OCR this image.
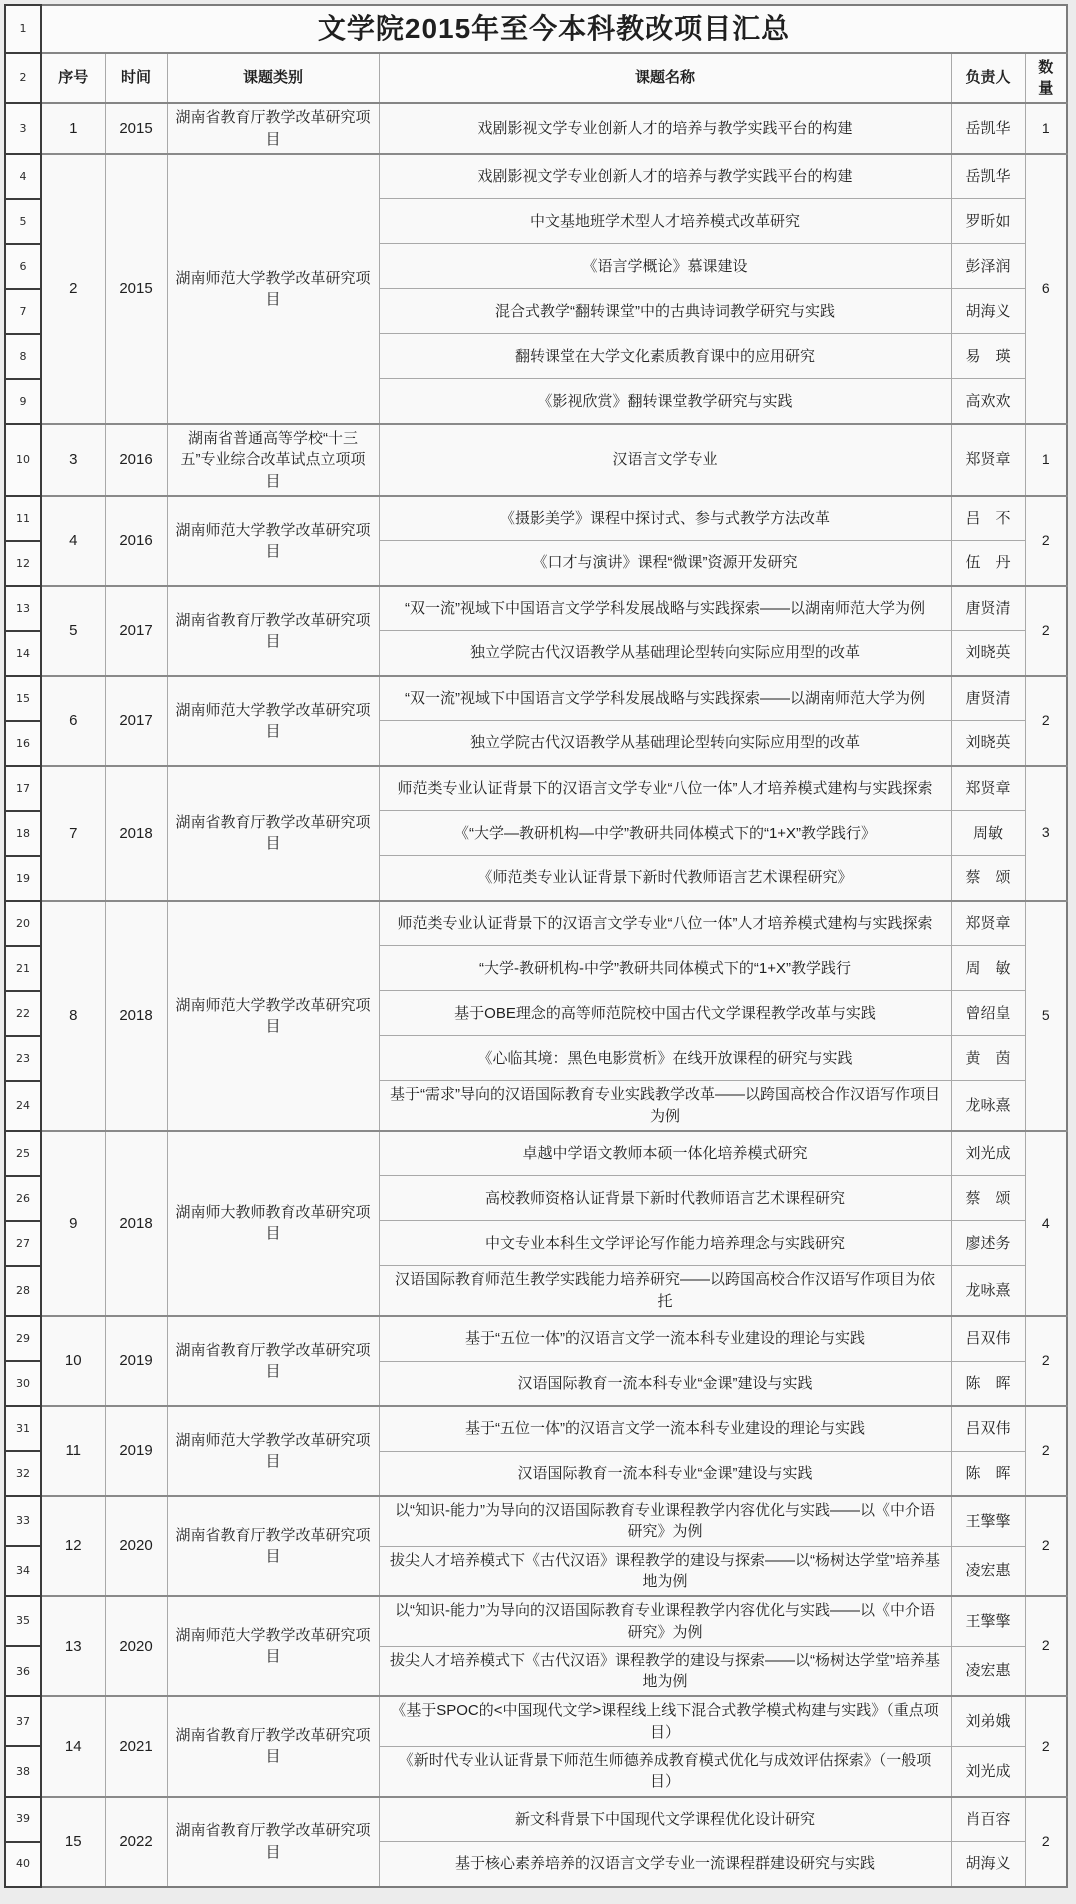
1	文学院2015年至今本科教改项目汇总					
2	序号	时间	课题类别	课题名称	负责人	数量
3	1	2015	湖南省教育厅教学改革研究项目	戏剧影视文学专业创新人才的培养与教学实践平台的构建	岳凯华	1
4	2	2015	湖南师范大学教学改革研究项目	戏剧影视文学专业创新人才的培养与教学实践平台的构建	岳凯华	6
5				中文基地班学术型人才培养模式改革研究	罗昕如	
6				《语言学概论》慕课建设	彭泽润	
7				混合式教学“翻转课堂”中的古典诗词教学研究与实践	胡海义	
8				翻转课堂在大学文化素质教育课中的应用研究	易　瑛	
9				《影视欣赏》翻转课堂教学研究与实践	高欢欢	
10	3	2016	湖南省普通高等学校“十三五”专业综合改革试点立项项目	汉语言文学专业	郑贤章	1
11	4	2016	湖南师范大学教学改革研究项目	《摄影美学》课程中探讨式、参与式教学方法改革	吕　不	2
12				《口才与演讲》课程“微课”资源开发研究	伍　丹	
13	5	2017	湖南省教育厅教学改革研究项目	“双一流”视域下中国语言文学学科发展战略与实践探索——以湖南师范大学为例	唐贤清	2
14				独立学院古代汉语教学从基础理论型转向实际应用型的改革	刘晓英	
15	6	2017	湖南师范大学教学改革研究项目	“双一流”视域下中国语言文学学科发展战略与实践探索——以湖南师范大学为例	唐贤清	2
16				独立学院古代汉语教学从基础理论型转向实际应用型的改革	刘晓英	
17	7	2018	湖南省教育厅教学改革研究项目	师范类专业认证背景下的汉语言文学专业“八位一体”人才培养模式建构与实践探索	郑贤章	3
18				《“大学—教研机构—中学”教研共同体模式下的“1+X”教学践行》	周敏	
19				《师范类专业认证背景下新时代教师语言艺术课程研究》	蔡　颂	
20	8	2018	湖南师范大学教学改革研究项目	师范类专业认证背景下的汉语言文学专业“八位一体”人才培养模式建构与实践探索	郑贤章	5
21				“大学-教研机构-中学”教研共同体模式下的“1+X”教学践行	周　敏	
22				基于OBE理念的高等师范院校中国古代文学课程教学改革与实践	曾绍皇	
23				《心临其境：黑色电影赏析》在线开放课程的研究与实践	黄　茵	
24				基于“需求”导向的汉语国际教育专业实践教学改革——以跨国高校合作汉语写作项目为例	龙咏熹	
25	9	2018	湖南师大教师教育改革研究项目	卓越中学语文教师本硕一体化培养模式研究	刘光成	4
26				高校教师资格认证背景下新时代教师语言艺术课程研究	蔡　颂	
27				中文专业本科生文学评论写作能力培养理念与实践研究	廖述务	
28				汉语国际教育师范生教学实践能力培养研究——以跨国高校合作汉语写作项目为依托	龙咏熹	
29	10	2019	湖南省教育厅教学改革研究项目	基于“五位一体”的汉语言文学一流本科专业建设的理论与实践	吕双伟	2
30				汉语国际教育一流本科专业“金课”建设与实践	陈　晖	
31	11	2019	湖南师范大学教学改革研究项目	基于“五位一体”的汉语言文学一流本科专业建设的理论与实践	吕双伟	2
32				汉语国际教育一流本科专业“金课”建设与实践	陈　晖	
33	12	2020	湖南省教育厅教学改革研究项目	以“知识-能力”为导向的汉语国际教育专业课程教学内容优化与实践——以《中介语研究》为例	王擎擎	2
34				拔尖人才培养模式下《古代汉语》课程教学的建设与探索——以“杨树达学堂”培养基地为例	凌宏惠	
35	13	2020	湖南师范大学教学改革研究项目	以“知识-能力”为导向的汉语国际教育专业课程教学内容优化与实践——以《中介语研究》为例	王擎擎	2
36				拔尖人才培养模式下《古代汉语》课程教学的建设与探索——以“杨树达学堂”培养基地为例	凌宏惠	
37	14	2021	湖南省教育厅教学改革研究项目	《基于SPOC的<中国现代文学>课程线上线下混合式教学模式构建与实践》（重点项目）	刘弟娥	2
38				《新时代专业认证背景下师范生师德养成教育模式优化与成效评估探索》（一般项目）	刘光成	
39	15	2022	湖南省教育厅教学改革研究项目	新文科背景下中国现代文学课程优化设计研究	肖百容	2
40				基于核心素养培养的汉语言文学专业一流课程群建设研究与实践	胡海义	
